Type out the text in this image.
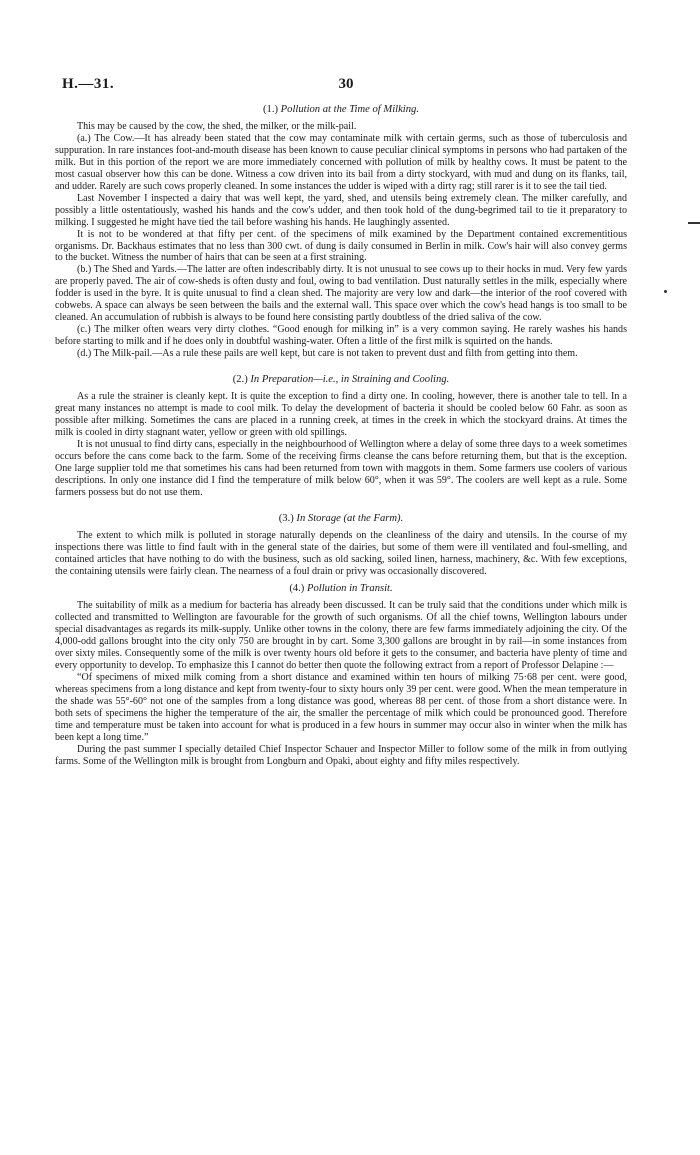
H.—31.	30
(1.) Pollution at the Time of Milking.

This may be caused by the cow, the shed, the milker, or the milk-pail.

(a.) The Cow.—It has already been stated that the cow may contaminate milk with certain germs, such as those of tuberculosis and suppuration. In rare instances foot-and-mouth disease has been known to cause peculiar clinical symptoms in persons who had partaken of the milk. But in this portion of the report we are more immediately concerned with pollution of milk by healthy cows. It must be patent to the most casual observer how this can be done. Witness a cow driven into its bail from a dirty stockyard, with mud and dung on its flanks, tail, and udder. Rarely are such cows properly cleaned. In some instances the udder is wiped with a dirty rag; still rarer is it to see the tail tied.

Last November I inspected a dairy that was well kept, the yard, shed, and utensils being extremely clean. The milker carefully, and possibly a little ostentatiously, washed his hands and the cow's udder, and then took hold of the dung-begrimed tail to tie it preparatory to milking. I suggested he might have tied the tail before washing his hands. He laughingly assented.

It is not to be wondered at that fifty per cent. of the specimens of milk examined by the Department contained excrementitious organisms. Dr. Backhaus estimates that no less than 300 cwt. of dung is daily consumed in Berlin in milk. Cow's hair will also convey germs to the bucket. Witness the number of hairs that can be seen at a first straining.

(b.) The Shed and Yards.—The latter are often indescribably dirty. It is not unusual to see cows up to their hocks in mud. Very few yards are properly paved. The air of cow-sheds is often dusty and foul, owing to bad ventilation. Dust naturally settles in the milk, especially where fodder is used in the byre. It is quite unusual to find a clean shed. The majority are very low and dark—the interior of the roof covered with cobwebs. A space can always be seen between the bails and the external wall. This space over which the cow's head hangs is too small to be cleaned. An accumulation of rubbish is always to be found here consisting partly doubtless of the dried saliva of the cow.

(c.) The milker often wears very dirty clothes. “Good enough for milking in” is a very common saying. He rarely washes his hands before starting to milk and if he does only in doubtful washing-water. Often a little of the first milk is squirted on the hands.

(d.) The Milk-pail.—As a rule these pails are well kept, but care is not taken to prevent dust and filth from getting into them.

(2.) In Preparation—i.e., in Straining and Cooling.

As a rule the strainer is cleanly kept. It is quite the exception to find a dirty one. In cooling, however, there is another tale to tell. In a great many instances no attempt is made to cool milk. To delay the development of bacteria it should be cooled below 60 Fahr. as soon as possible after milking. Sometimes the cans are placed in a running creek, at times in the creek in which the stockyard drains. At times the milk is cooled in dirty stagnant water, yellow or green with old spillings.

It is not unusual to find dirty cans, especially in the neighbourhood of Wellington where a delay of some three days to a week sometimes occurs before the cans come back to the farm. Some of the receiving firms cleanse the cans before returning them, but that is the exception. One large supplier told me that sometimes his cans had been returned from town with maggots in them. Some farmers use coolers of various descriptions. In only one instance did I find the temperature of milk below 60°, when it was 59°. The coolers are well kept as a rule. Some farmers possess but do not use them.

(3.) In Storage (at the Farm).

The extent to which milk is polluted in storage naturally depends on the cleanliness of the dairy and utensils. In the course of my inspections there was little to find fault with in the general state of the dairies, but some of them were ill ventilated and foul-smelling, and contained articles that have nothing to do with the business, such as old sacking, soiled linen, harness, machinery, &c. With few exceptions, the containing utensils were fairly clean. The nearness of a foul drain or privy was occasionally discovered.

(4.) Pollution in Transit.

The suitability of milk as a medium for bacteria has already been discussed. It can be truly said that the conditions under which milk is collected and transmitted to Wellington are favourable for the growth of such organisms. Of all the chief towns, Wellington labours under special disadvantages as regards its milk-supply. Unlike other towns in the colony, there are few farms immediately adjoining the city. Of the 4,000-odd gallons brought into the city only 750 are brought in by cart. Some 3,300 gallons are brought in by rail—in some instances from over sixty miles. Consequently some of the milk is over twenty hours old before it gets to the consumer, and bacteria have plenty of time and every opportunity to develop. To emphasize this I cannot do better then quote the following extract from a report of Professor Delapine :—

“Of specimens of mixed milk coming from a short distance and examined within ten hours of milking 75·68 per cent. were good, whereas specimens from a long distance and kept from twenty-four to sixty hours only 39 per cent. were good. When the mean temperature in the shade was 55°-60° not one of the samples from a long distance was good, whereas 88 per cent. of those from a short distance were. In both sets of specimens the higher the temperature of the air, the smaller the percentage of milk which could be pronounced good. Therefore time and temperature must be taken into account for what is produced in a few hours in summer may occur also in winter when the milk has been kept a long time.”

During the past summer I specially detailed Chief Inspector Schauer and Inspector Miller to follow some of the milk in from outlying farms. Some of the Wellington milk is brought from Longburn and Opaki, about eighty and fifty miles respectively.
